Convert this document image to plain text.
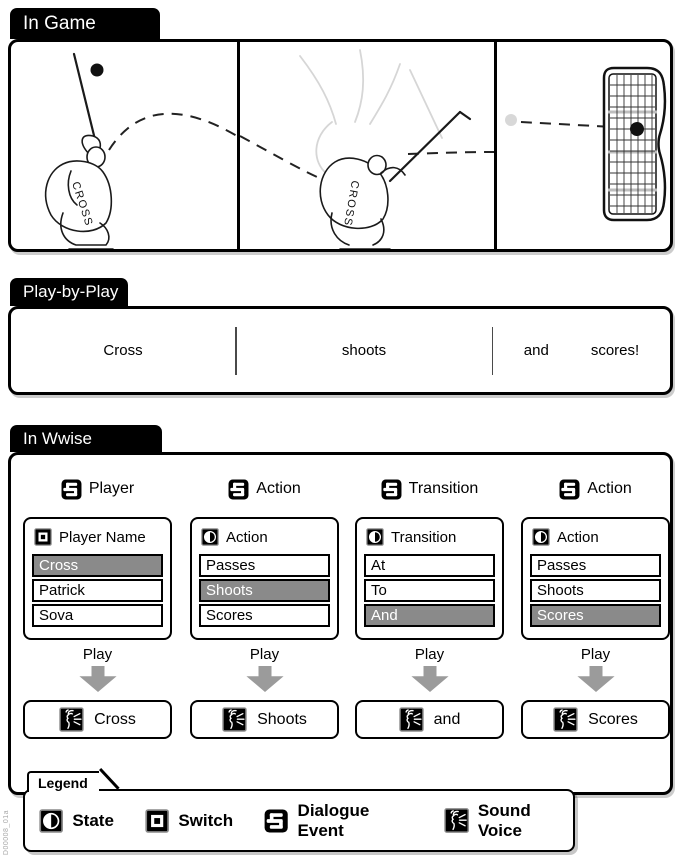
In Game
CROSS	CROSS
Play-by-Play
Cross	shoots	and	scores!
In Wwise
Player
Player Name
Cross
Patrick
Sova
Play
Cross
Action
Action
Passes
Shoots
Scores
Play
Shoots
Transition
Transition
At
To
And
Play
and
Action
Action
Passes
Shoots
Scores
Play
Scores
Legend
State	Switch
Dialogue Event
Sound Voice
D00008_01a
